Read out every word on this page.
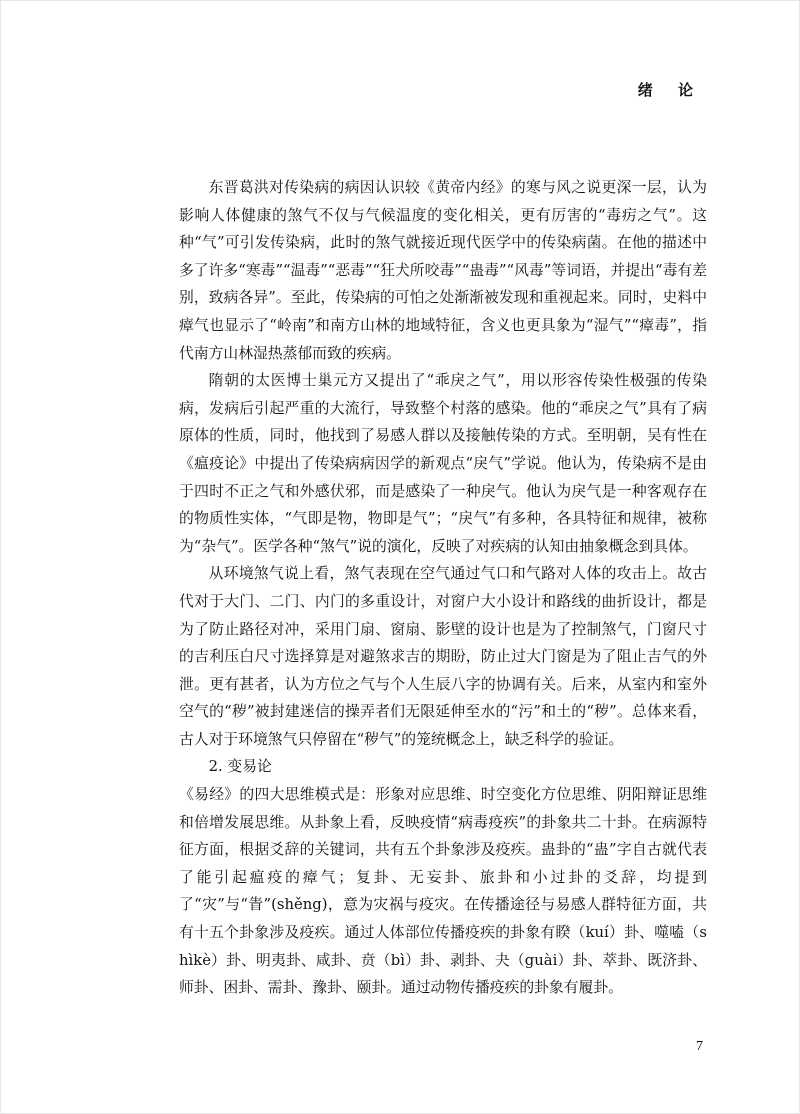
绪 论

东晋葛洪对传染病的病因认识较《黄帝内经》的寒与风之说更深一层，认为影响人体健康的煞气不仅与气候温度的变化相关，更有厉害的“毒疠之气”。这种“气”可引发传染病，此时的煞气就接近现代医学中的传染病菌。在他的描述中多了许多“寒毒”“温毒”“恶毒”“狂犬所咬毒”“蛊毒”“风毒”等词语，并提出“毒有差别，致病各异”。至此，传染病的可怕之处渐渐被发现和重视起来。同时，史料中瘴气也显示了“岭南”和南方山林的地域特征，含义也更具象为“湿气”“瘴毒”，指代南方山林湿热蒸郁而致的疾病。

隋朝的太医博士巢元方又提出了“乖戾之气”，用以形容传染性极强的传染病，发病后引起严重的大流行，导致整个村落的感染。他的“乖戾之气”具有了病原体的性质，同时，他找到了易感人群以及接触传染的方式。至明朝，吴有性在《瘟疫论》中提出了传染病病因学的新观点“戾气”学说。他认为，传染病不是由于四时不正之气和外感伏邪，而是感染了一种戾气。他认为戾气是一种客观存在的物质性实体，“气即是物，物即是气”；“戾气”有多种，各具特征和规律，被称为“杂气”。医学各种“煞气”说的演化，反映了对疾病的认知由抽象概念到具体。

从环境煞气说上看，煞气表现在空气通过气口和气路对人体的攻击上。故古代对于大门、二门、内门的多重设计，对窗户大小设计和路线的曲折设计，都是为了防止路径对冲，采用门扇、窗扇、影壁的设计也是为了控制煞气，门窗尺寸的吉利压白尺寸选择算是对避煞求吉的期盼，防止过大门窗是为了阻止吉气的外泄。更有甚者，认为方位之气与个人生辰八字的协调有关。后来，从室内和室外空气的“秽”被封建迷信的操弄者们无限延伸至水的“污”和土的“秽”。总体来看，古人对于环境煞气只停留在“秽气”的笼统概念上，缺乏科学的验证。

2. 变易论

《易经》的四大思维模式是：形象对应思维、时空变化方位思维、阴阳辩证思维和倍增发展思维。从卦象上看，反映疫情“病毒疫疾”的卦象共二十卦。在病源特征方面，根据爻辞的关键词，共有五个卦象涉及疫疾。蛊卦的“蛊”字自古就代表了能引起瘟疫的瘴气；复卦、无妄卦、旅卦和小过卦的爻辞，均提到了“灾”与“眚”(shěng)，意为灾祸与疫灾。在传播途径与易感人群特征方面，共有十五个卦象涉及疫疾。通过人体部位传播疫疾的卦象有睽（kuí）卦、噬嗑（shìkè）卦、明夷卦、咸卦、贲（bì）卦、剥卦、夬（guài）卦、萃卦、既济卦、师卦、困卦、需卦、豫卦、颐卦。通过动物传播疫疾的卦象有履卦。

7
